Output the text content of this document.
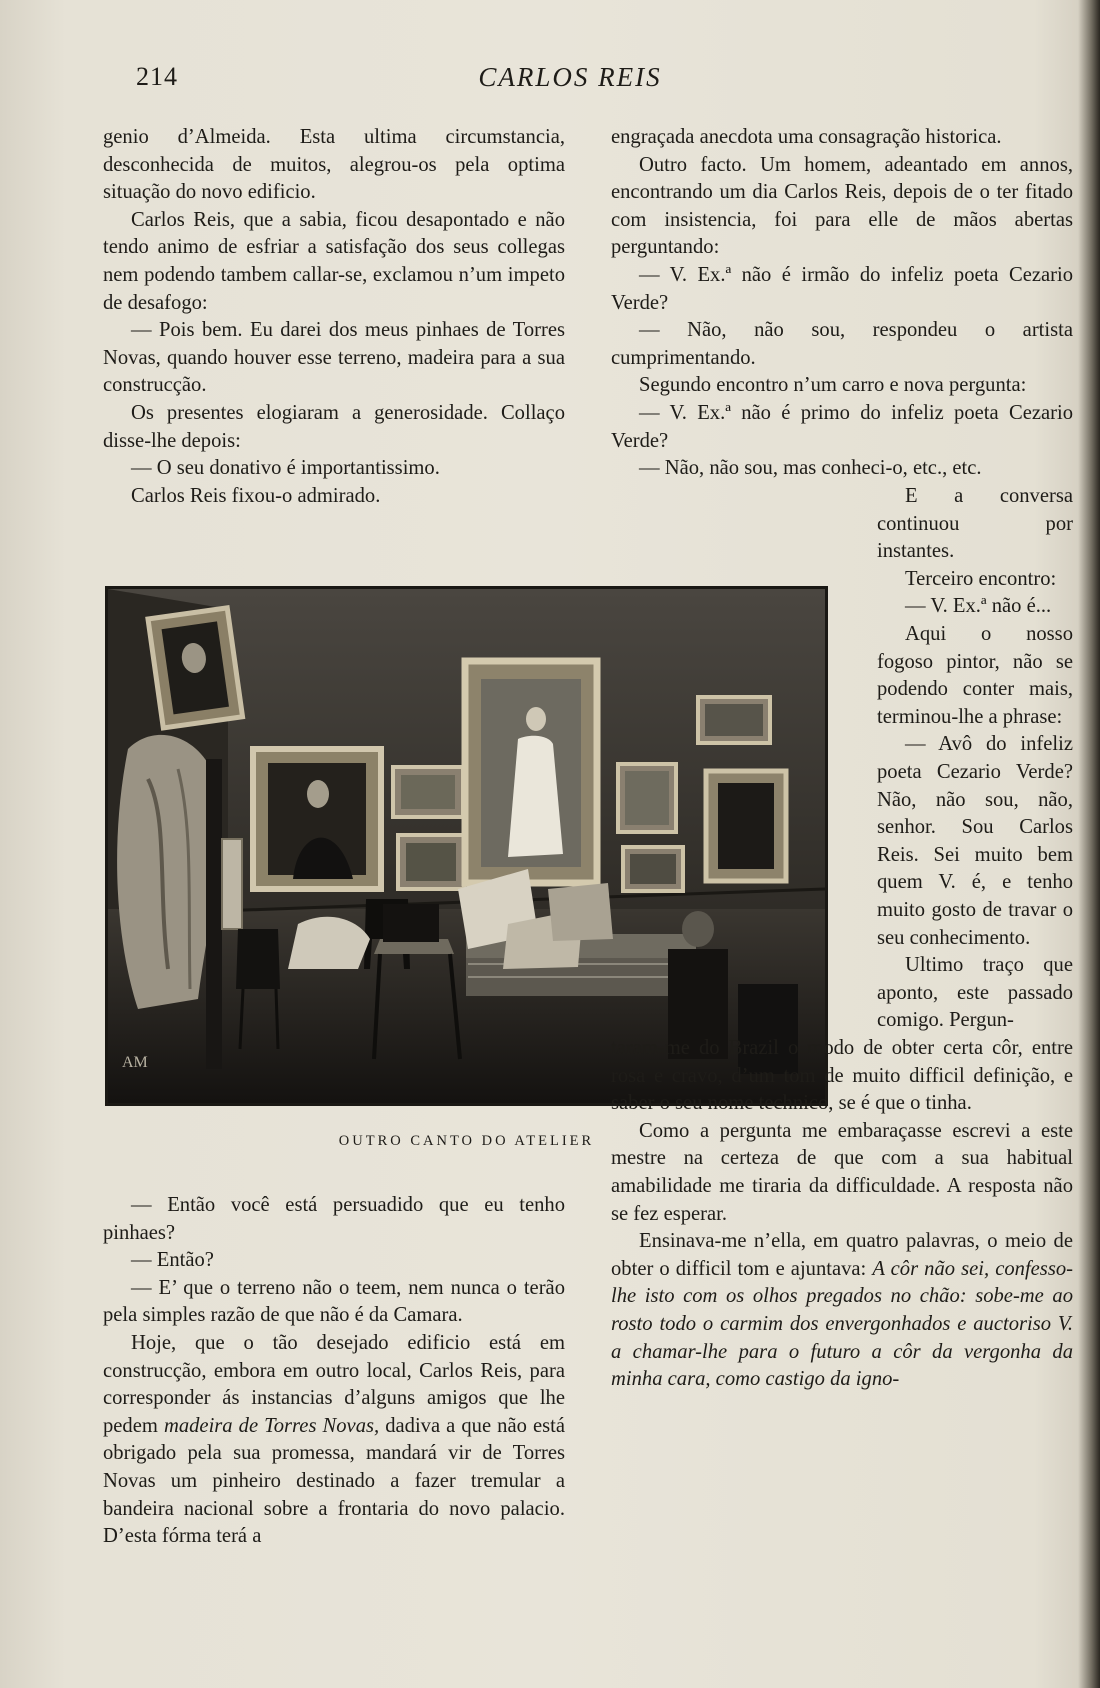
214	CARLOS REIS

genio d’Almeida. Esta ultima circumstancia, desconhecida de muitos, alegrou-os pela optima situação do novo edificio.

Carlos Reis, que a sabia, ficou desapontado e não tendo animo de esfriar a satisfação dos seus collegas nem podendo tambem callar-se, exclamou n’um impeto de desafogo:

— Pois bem. Eu darei dos meus pinhaes de Torres Novas, quando houver esse terreno, madeira para a sua construcção.

Os presentes elogiaram a generosidade. Collaço disse-lhe depois:

— O seu donativo é importantissimo.

Carlos Reis fixou-o admirado.

engraçada anecdota uma consagração historica.

Outro facto. Um homem, adeantado em annos, encontrando um dia Carlos Reis, depois de o ter fitado com insistencia, foi para elle de mãos abertas perguntando:

— V. Ex.ª não é irmão do infeliz poeta Cezario Verde?

— Não, não sou, respondeu o artista cumprimentando.

Segundo encontro n’um carro e nova pergunta:

— V. Ex.ª não é primo do infeliz poeta Cezario Verde?

— Não, não sou, mas conheci-o, etc., etc.

E a conversa continuou por instantes.

Terceiro encontro:

— V. Ex.ª não é...

Aqui o nosso fogoso pintor, não se podendo conter mais, terminou-lhe a phrase:

— Avô do infeliz poeta Cezario Verde? Não, não sou, não, senhor. Sou Carlos Reis. Sei muito bem quem V. é, e tenho muito gosto de travar o seu conhecimento.

Ultimo traço que aponto, este passado comigo. Pergun-

AM
OUTRO CANTO DO ATELIER

— Então você está persuadido que eu tenho pinhaes?

— Então?

— E’ que o terreno não o teem, nem nunca o terão pela simples razão de que não é da Camara.

Hoje, que o tão desejado edificio está em construcção, embora em outro local, Carlos Reis, para corresponder ás instancias d’alguns amigos que lhe pedem madeira de Torres Novas, dadiva a que não está obrigado pela sua promessa, mandará vir de Torres Novas um pinheiro destinado a fazer tremular a bandeira nacional sobre a frontaria do novo palacio. D’esta fórma terá a

taram-me do Brazil o modo de obter certa côr, entre rosa e cravo, d’um tom de muito difficil definição, e saber o seu nome technico, se é que o tinha.

Como a pergunta me embaraçasse escrevi a este mestre na certeza de que com a sua habitual amabilidade me tiraria da difficuldade. A resposta não se fez esperar.

Ensinava-me n’ella, em quatro palavras, o meio de obter o difficil tom e ajuntava: A côr não sei, confesso-lhe isto com os olhos pregados no chão: sobe-me ao rosto todo o carmim dos envergonhados e auctoriso V. a chamar-lhe para o futuro a côr da vergonha da minha cara, como castigo da igno-
